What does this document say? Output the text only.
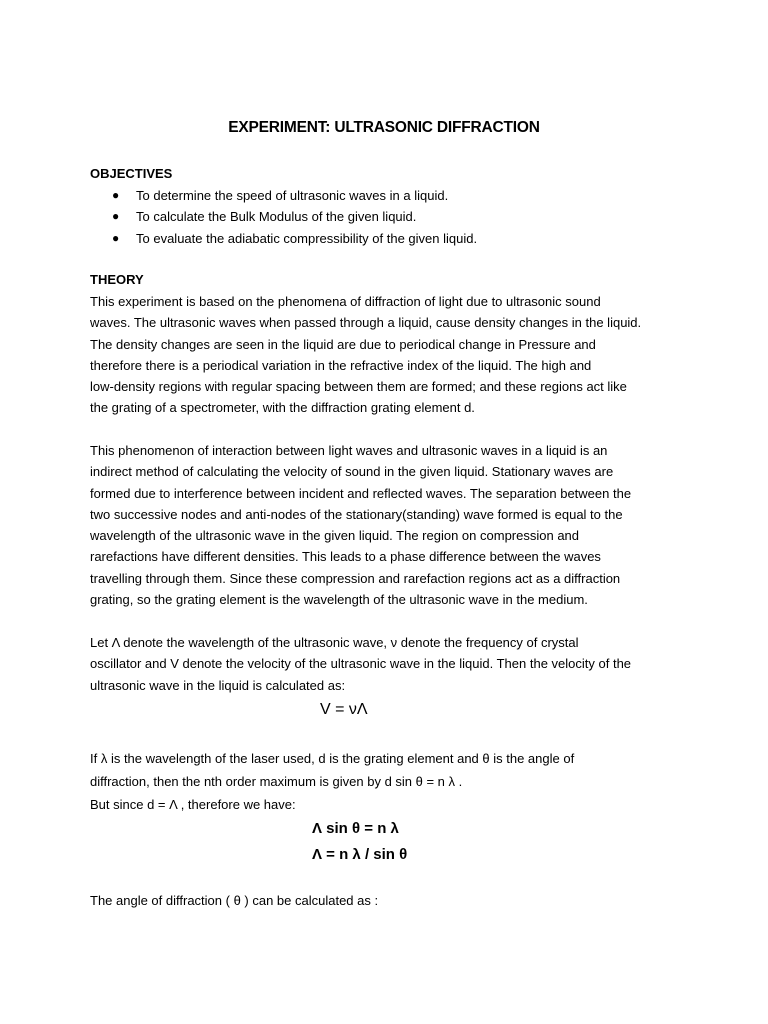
EXPERIMENT: ULTRASONIC DIFFRACTION
OBJECTIVES
● To determine the speed of ultrasonic waves in a liquid.
● To calculate the Bulk Modulus of the given liquid.
● To evaluate the adiabatic compressibility of the given liquid.
THEORY
This experiment is based on the phenomena of diffraction of light due to ultrasonic sound
waves. The ultrasonic waves when passed through a liquid, cause density changes in the liquid.
The density changes are seen in the liquid are due to periodical change in Pressure and
therefore there is a periodical variation in the refractive index of the liquid. The high and
low-density regions with regular spacing between them are formed; and these regions act like
the grating of a spectrometer, with the diffraction grating element d.
This phenomenon of interaction between light waves and ultrasonic waves in a liquid is an
indirect method of calculating the velocity of sound in the given liquid. Stationary waves are
formed due to interference between incident and reflected waves. The separation between the
two successive nodes and anti-nodes of the stationary(standing) wave formed is equal to the
wavelength of the ultrasonic wave in the given liquid. The region on compression and
rarefactions have different densities. This leads to a phase difference between the waves
travelling through them. Since these compression and rarefaction regions act as a diffraction
grating, so the grating element is the wavelength of the ultrasonic wave in the medium.
Let Λ denote the wavelength of the ultrasonic wave, ν denote the frequency of crystal
oscillator and V denote the velocity of the ultrasonic wave in the liquid. Then the velocity of the
ultrasonic wave in the liquid is calculated as:
V = νΛ
If λ is the wavelength of the laser used, d is the grating element and θ is the angle of
diffraction, then the nth order maximum is given by d sin θ = n λ .
But since d = Λ , therefore we have:
Λ sin θ = n λ
Λ = n λ / sin θ
The angle of diffraction ( θ ) can be calculated as :
